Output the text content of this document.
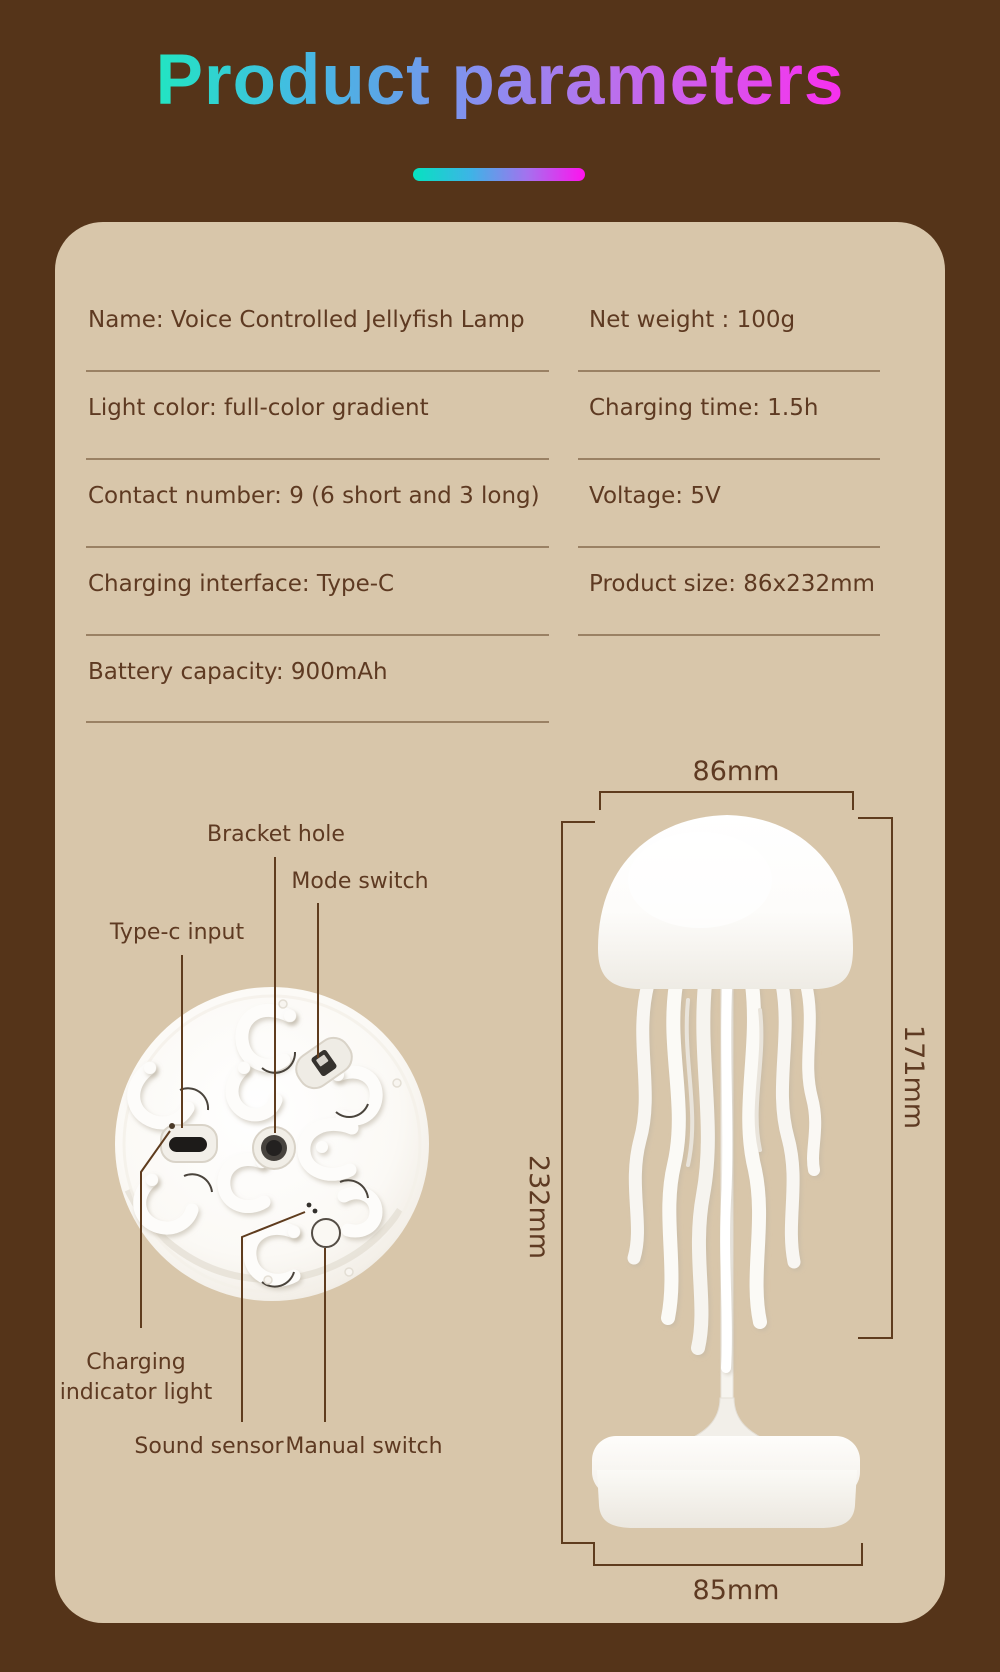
Product parameters
Name: Voice Controlled Jellyfish Lamp
Light color: full-color gradient
Contact number: 9 (6 short and 3 long)
Charging interface: Type-C
Battery capacity: 900mAh
Net weight : 100g
Charging time: 1.5h
Voltage: 5V
Product size: 86x232mm
Bracket hole
Mode switch
Type-c input
Charging
indicator light
Sound sensor Manual switch
86mm
171mm
232mm
85mm
